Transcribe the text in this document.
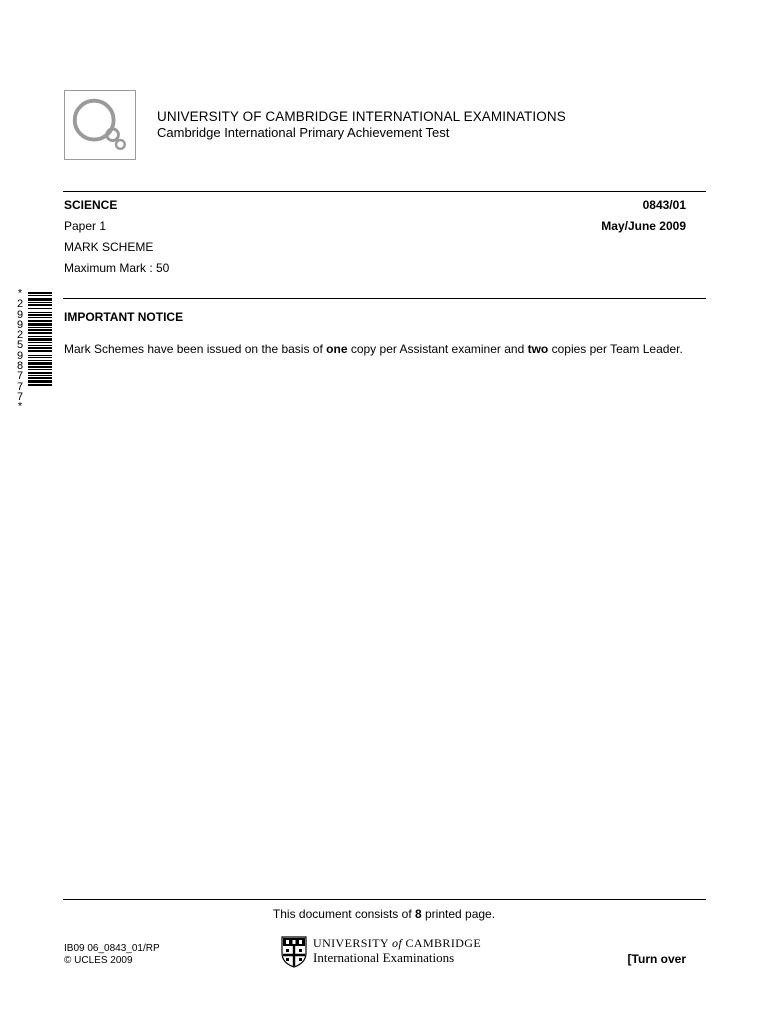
UNIVERSITY OF CAMBRIDGE INTERNATIONAL EXAMINATIONS
Cambridge International Primary Achievement Test
SCIENCE	0843/01
Paper 1	May/June 2009
MARK SCHEME
Maximum Mark : 50
*
2
9
9
2
5
9
8
7
7
7
*
IMPORTANT NOTICE
Mark Schemes have been issued on the basis of one copy per Assistant examiner and two copies per Team Leader.
This document consists of 8 printed page.
IB09 06_0843_01/RP
© UCLES 2009
UNIVERSITY of CAMBRIDGE
International Examinations	[Turn over
